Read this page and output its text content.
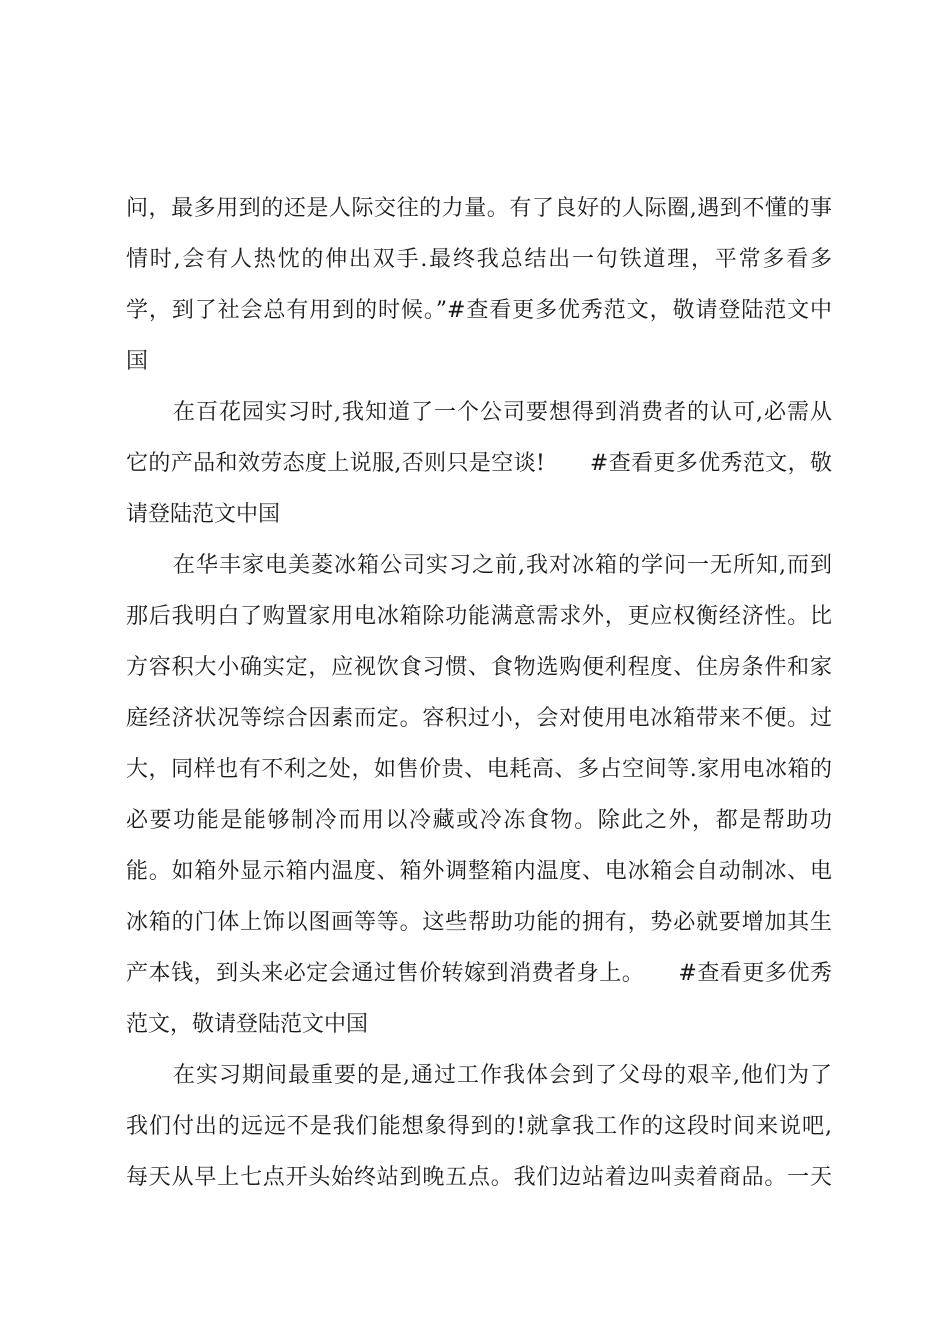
问，最多用到的还是人际交往的力量。有了良好的人际圈,遇到不懂的事
情时,会有人热忱的伸出双手.最终我总结出一句铁道理，平常多看多
学，到了社会总有用到的时候。”#查看更多优秀范文，敬请登陆范文中
国
在百花园实习时,我知道了一个公司要想得到消费者的认可,必需从
它的产品和效劳态度上说服,否则只是空谈!　　#查看更多优秀范文，敬
请登陆范文中国
在华丰家电美菱冰箱公司实习之前,我对冰箱的学问一无所知,而到
那后我明白了购置家用电冰箱除功能满意需求外，更应权衡经济性。比
方容积大小确实定，应视饮食习惯、食物选购便利程度、住房条件和家
庭经济状况等综合因素而定。容积过小，会对使用电冰箱带来不便。过
大，同样也有不利之处，如售价贵、电耗高、多占空间等.家用电冰箱的
必要功能是能够制冷而用以冷藏或冷冻食物。除此之外，都是帮助功
能。如箱外显示箱内温度、箱外调整箱内温度、电冰箱会自动制冰、电
冰箱的门体上饰以图画等等。这些帮助功能的拥有，势必就要增加其生
产本钱，到头来必定会通过售价转嫁到消费者身上。　　#查看更多优秀
范文，敬请登陆范文中国
在实习期间最重要的是,通过工作我体会到了父母的艰辛,他们为了
我们付出的远远不是我们能想象得到的!就拿我工作的这段时间来说吧,
每天从早上七点开头始终站到晚五点。我们边站着边叫卖着商品。一天
